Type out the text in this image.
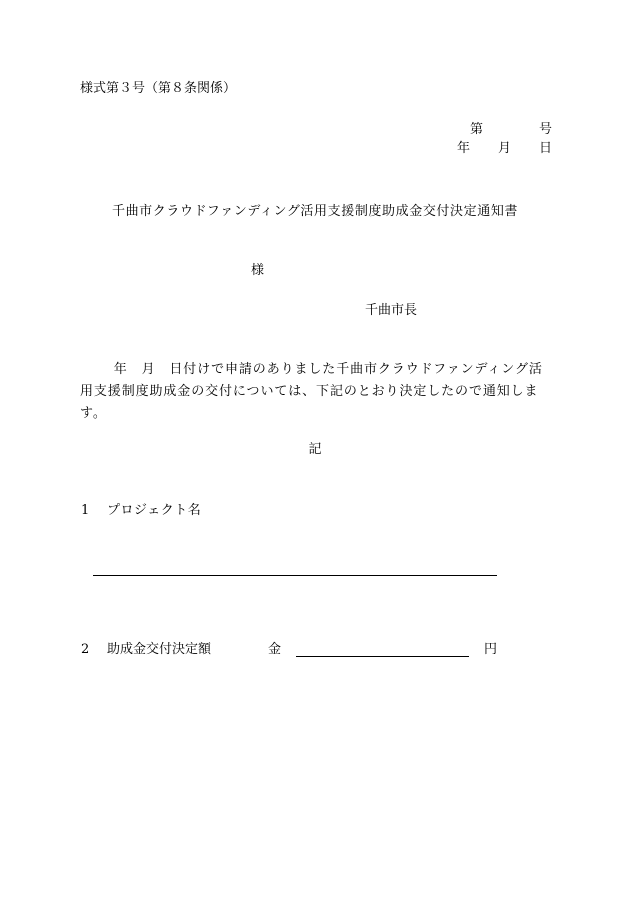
様式第３号（第８条関係）
第	号
年 月 日
千曲市クラウドファンディング活用支援制度助成金交付決定通知書
様
千曲市長
年　月　日付けで申請のありました千曲市クラウドファンディング活用支援制度助成金の交付については、下記のとおり決定したので通知します。
記
1 プロジェクト名
2 助成金交付決定額	金	円
